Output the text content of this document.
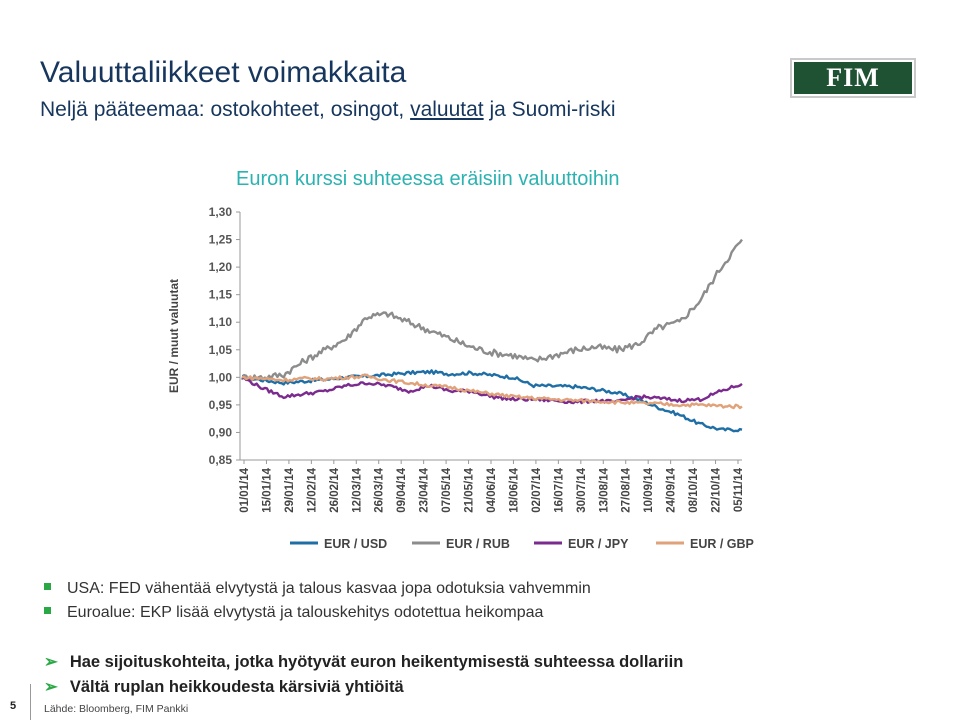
Valuuttaliikkeet voimakkaita
Neljä pääteemaa: ostokohteet, osingot, valuutat ja Suomi-riski
FIM
Euron kurssi suhteessa eräisiin valuuttoihin
1,30
1,25
1,20
1,15
1,10
1,05
1,00
0,95
0,90
0,85
EUR / muut valuutat
01/01/14 15/01/14 29/01/14 12/02/14 26/02/14 12/03/14 26/03/14 09/04/14 23/04/14 07/05/14 21/05/14 04/06/14 18/06/14 02/07/14 16/07/14 30/07/14 13/08/14 27/08/14 10/09/14 24/09/14 08/10/14 22/10/14 05/11/14
EUR / USD	EUR / RUB	EUR / JPY	EUR / GBP
USA: FED vähentää elvytystä ja talous kasvaa jopa odotuksia vahvemmin
Euroalue: EKP lisää elvytystä ja talouskehitys odotettua heikompaa
➢ Hae sijoituskohteita, jotka hyötyvät euron heikentymisestä suhteessa dollariin
➢ Vältä ruplan heikkoudesta kärsiviä yhtiöitä
5	Lähde: Bloomberg, FIM Pankki
